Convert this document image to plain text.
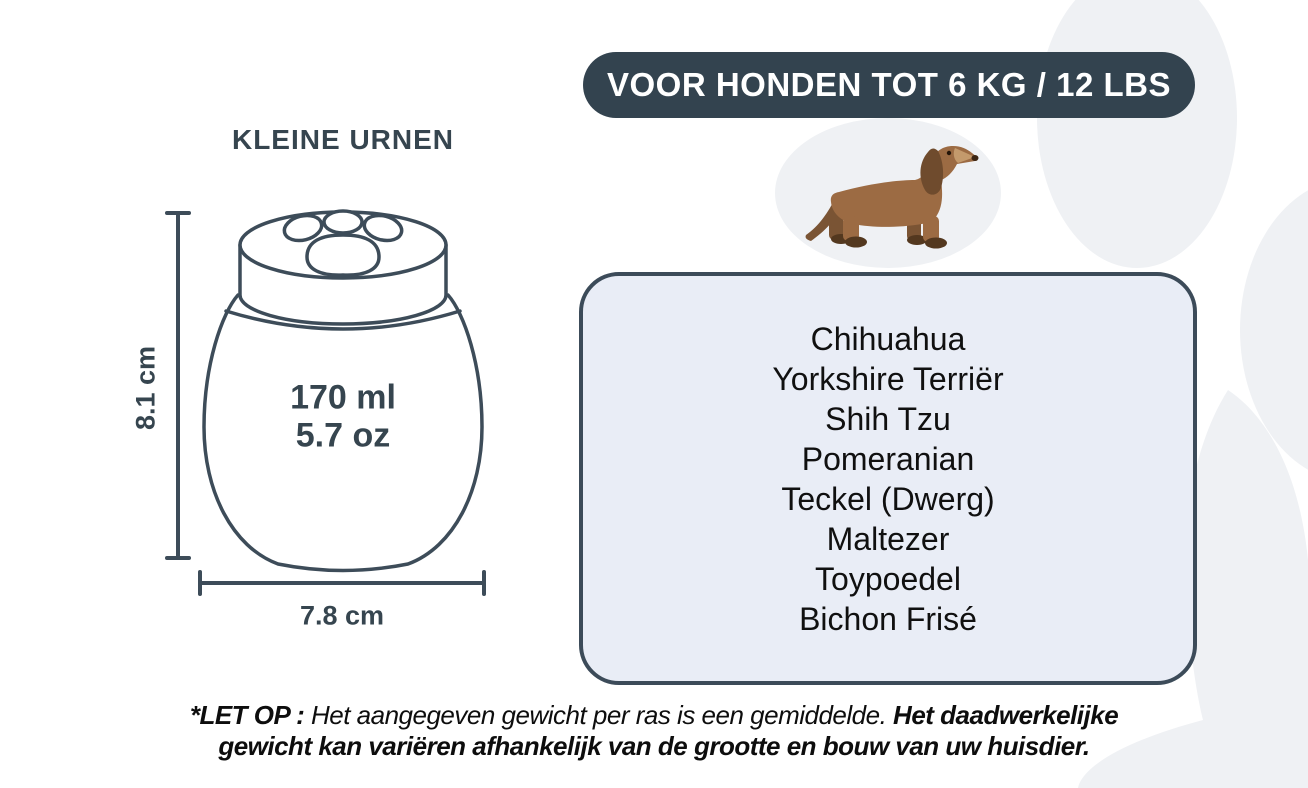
KLEINE URNEN
8.1 cm
7.8 cm
170 ml
5.7 oz
VOOR HONDEN TOT 6 KG / 12 LBS
Chihuahua
Yorkshire Terriër
Shih Tzu
Pomeranian
Teckel (Dwerg)
Maltezer
Toypoedel
Bichon Frisé
*LET OP : Het aangegeven gewicht per ras is een gemiddelde. Het daadwerkelijke
gewicht kan variëren afhankelijk van de grootte en bouw van uw huisdier.
